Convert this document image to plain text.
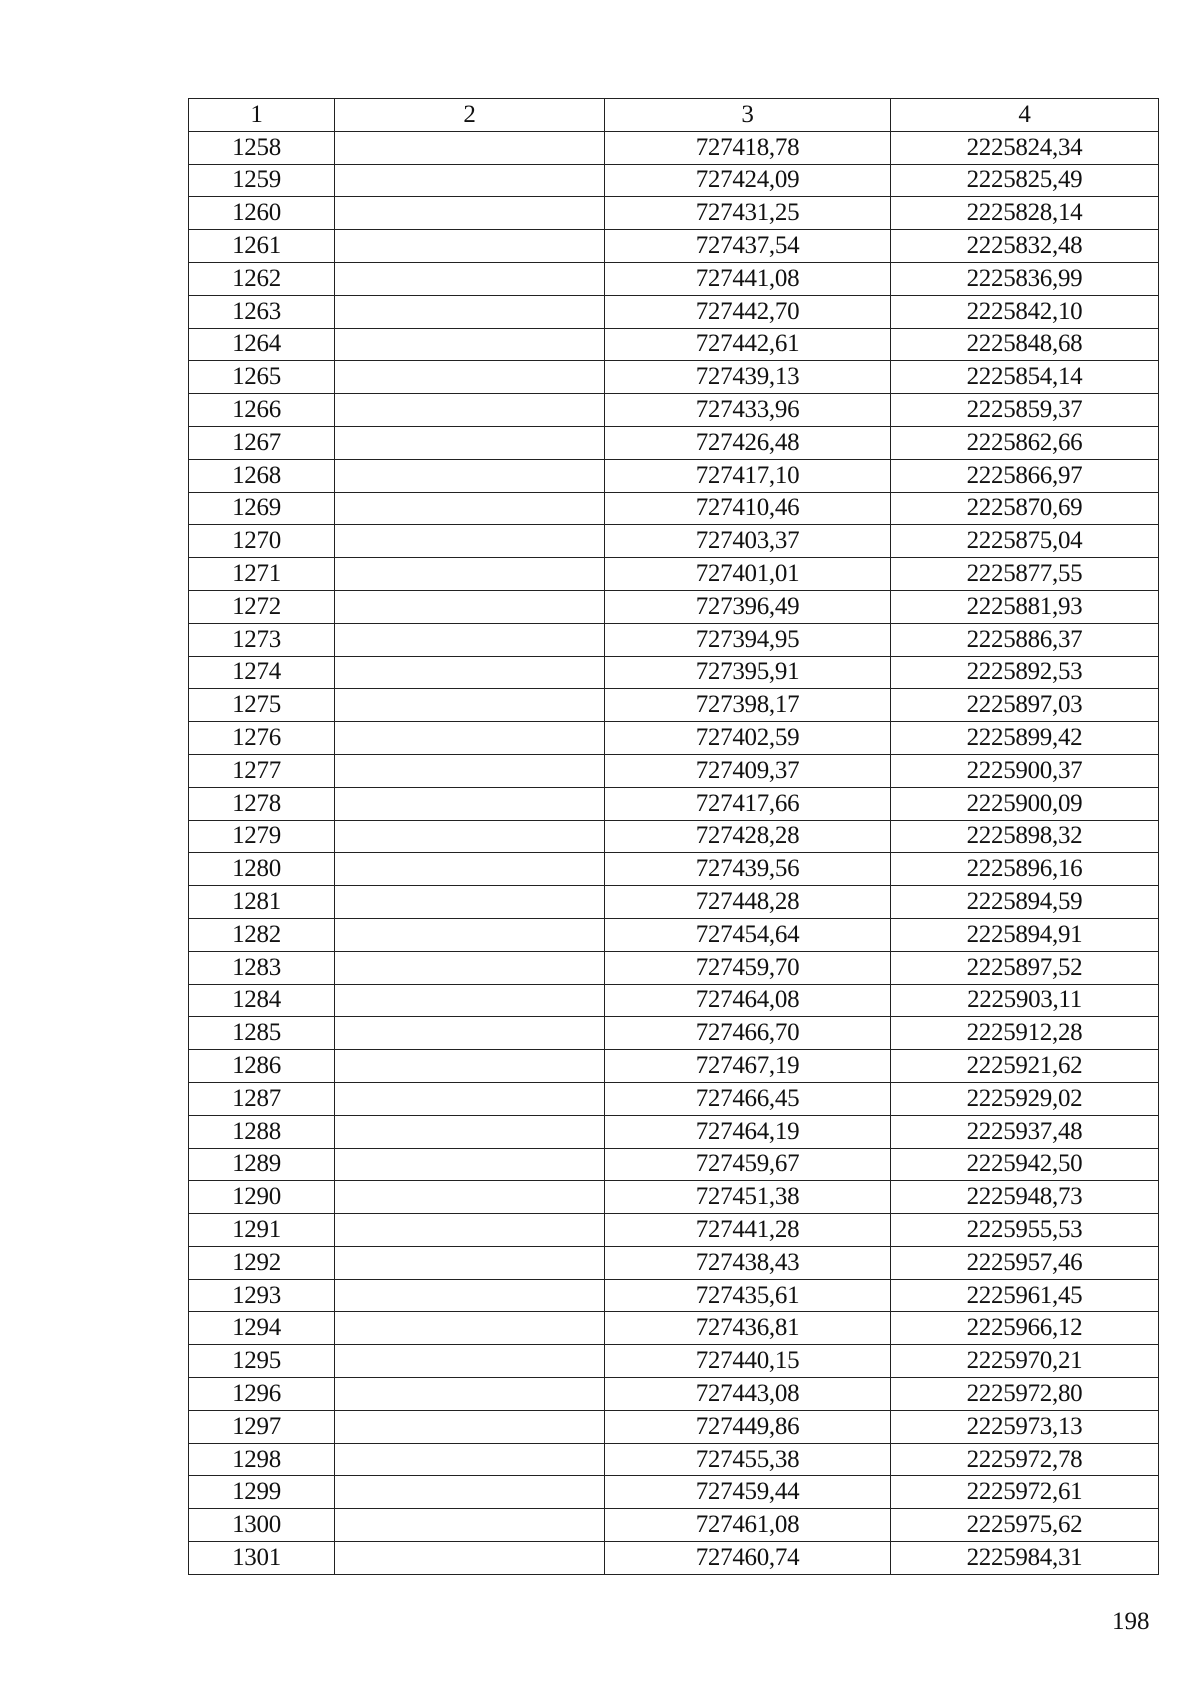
1	2	3	4
1258		727418,78	2225824,34
1259		727424,09	2225825,49
1260		727431,25	2225828,14
1261		727437,54	2225832,48
1262		727441,08	2225836,99
1263		727442,70	2225842,10
1264		727442,61	2225848,68
1265		727439,13	2225854,14
1266		727433,96	2225859,37
1267		727426,48	2225862,66
1268		727417,10	2225866,97
1269		727410,46	2225870,69
1270		727403,37	2225875,04
1271		727401,01	2225877,55
1272		727396,49	2225881,93
1273		727394,95	2225886,37
1274		727395,91	2225892,53
1275		727398,17	2225897,03
1276		727402,59	2225899,42
1277		727409,37	2225900,37
1278		727417,66	2225900,09
1279		727428,28	2225898,32
1280		727439,56	2225896,16
1281		727448,28	2225894,59
1282		727454,64	2225894,91
1283		727459,70	2225897,52
1284		727464,08	2225903,11
1285		727466,70	2225912,28
1286		727467,19	2225921,62
1287		727466,45	2225929,02
1288		727464,19	2225937,48
1289		727459,67	2225942,50
1290		727451,38	2225948,73
1291		727441,28	2225955,53
1292		727438,43	2225957,46
1293		727435,61	2225961,45
1294		727436,81	2225966,12
1295		727440,15	2225970,21
1296		727443,08	2225972,80
1297		727449,86	2225973,13
1298		727455,38	2225972,78
1299		727459,44	2225972,61
1300		727461,08	2225975,62
1301		727460,74	2225984,31
198
